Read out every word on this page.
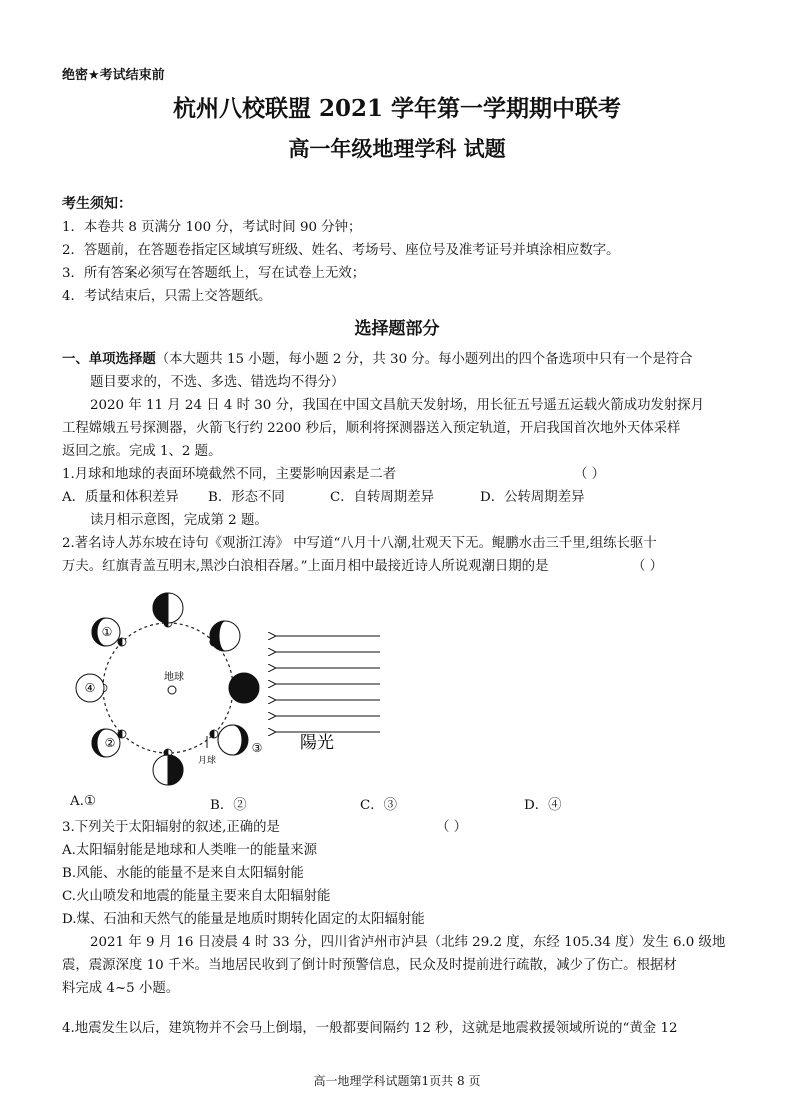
绝密★考试结束前
杭州八校联盟 2021 学年第一学期期中联考
高一年级地理学科 试题
考生须知：
1．本卷共 8 页满分 100 分，考试时间 90 分钟；
2．答题前，在答题卷指定区域填写班级、姓名、考场号、座位号及准考证号并填涂相应数字。
3．所有答案必须写在答题纸上，写在试卷上无效；
4．考试结束后，只需上交答题纸。
选择题部分
一、单项选择题（本大题共 15 小题，每小题 2 分，共 30 分。每小题列出的四个备选项中只有一个是符合
题目要求的，不选、多选、错选均不得分）
2020 年 11 月 24 日 4 时 30 分，我国在中国文昌航天发射场，用长征五号遥五运载火箭成功发射探月
工程嫦娥五号探测器，火箭飞行约 2200 秒后，顺利将探测器送入预定轨道，开启我国首次地外天体采样
返回之旅。完成 1、2 题。
1.月球和地球的表面环境截然不同，主要影响因素是二者	（ ）
A．质量和体积差异 B．形态不同	C．自转周期差异	D．公转周期差异
读月相示意图，完成第 2 题。
2.著名诗人苏东坡在诗句《观浙江涛》 中写道“八月十八潮,壮观天下无。鲲鹏水击三千里,组练长驱十
万夫。红旗青盖互明末,黑沙白浪相吞屠。”上面月相中最接近诗人所说观潮日期的是	（ ）
地球
①
②	③
④
月球
陽光
A.①	B．②	C．③	D．④
3.下列关于太阳辐射的叙述,正确的是	（ ）
A.太阳辐射能是地球和人类唯一的能量来源
B.风能、水能的能量不是来自太阳辐射能
C.火山喷发和地震的能量主要来自太阳辐射能
D.煤、石油和天然气的能量是地质时期转化固定的太阳辐射能
2021 年 9 月 16 日凌晨 4 时 33 分，四川省泸州市泸县（北纬 29.2 度，东经 105.34 度）发生 6.0 级地
震，震源深度 10 千米。当地居民收到了倒计时预警信息，民众及时提前进行疏散，减少了伤亡。根据材
料完成 4~5 小题。
4.地震发生以后，建筑物并不会马上倒塌，一般都要间隔约 12 秒，这就是地震救援领域所说的“黄金 12
高一地理学科试题第1页共 8 页
